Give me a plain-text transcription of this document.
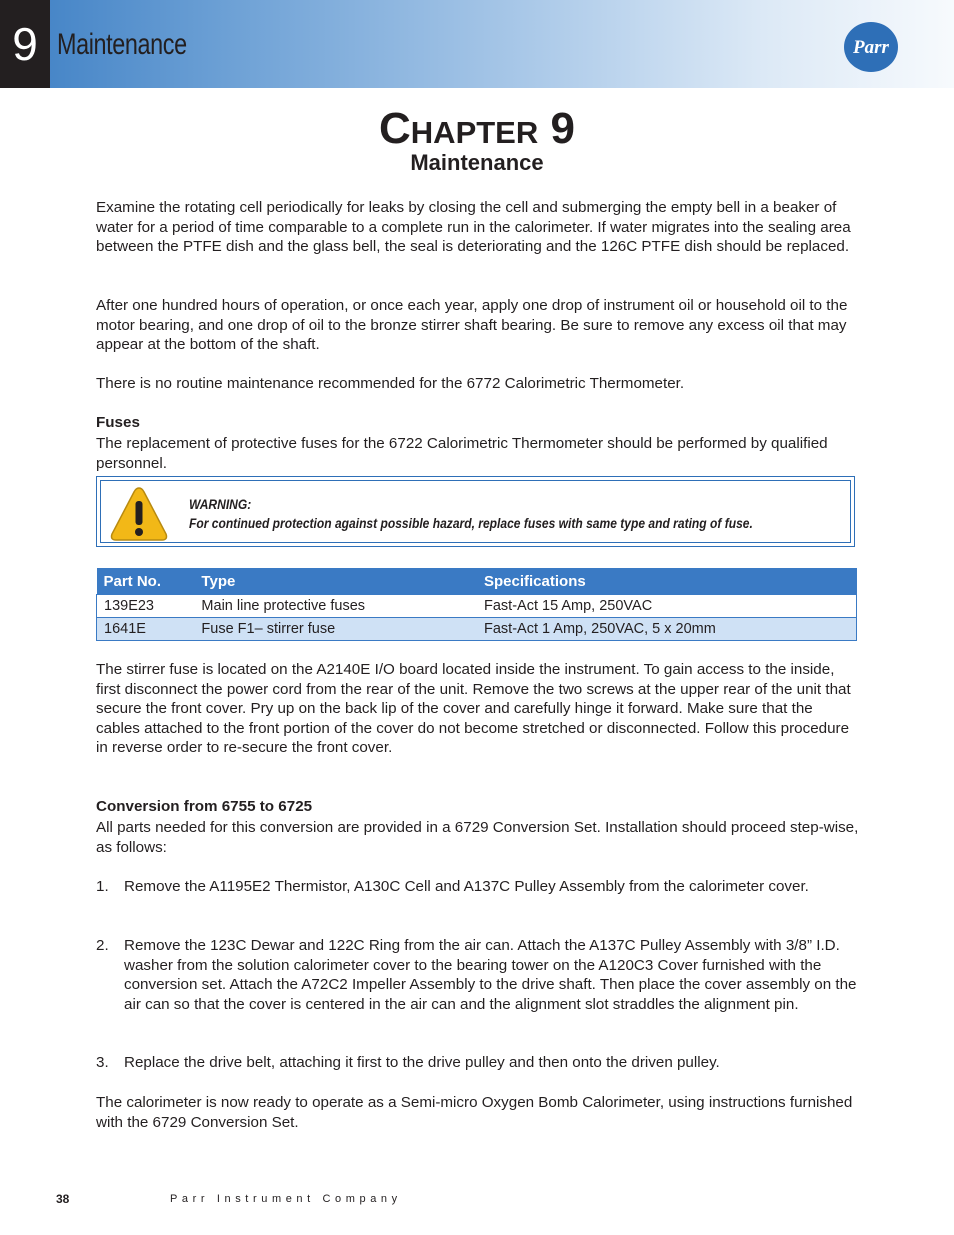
9 Maintenance	Parr
CHAPTER 9
Maintenance

Examine the rotating cell periodically for leaks by closing the cell and submerging the empty bell in a beaker of water for a period of time comparable to a complete run in the calorimeter. If water migrates into the sealing area between the PTFE dish and the glass bell, the seal is deteriorating and the 126C PTFE dish should be replaced.

After one hundred hours of operation, or once each year, apply one drop of instrument oil or household oil to the motor bearing, and one drop of oil to the bronze stirrer shaft bearing. Be sure to remove any excess oil that may appear at the bottom of the shaft.

There is no routine maintenance recommended for the 6772 Calorimetric Thermometer.

Fuses

The replacement of protective fuses for the 6722 Calorimetric Thermometer should be performed by qualified personnel.

WARNING:
For continued protection against possible hazard, replace fuses with same type and rating of fuse.
Part No.	Type	Specifications
139E23	Main line protective fuses	Fast-Act 15 Amp, 250VAC
1641E	Fuse F1– stirrer fuse	Fast-Act 1 Amp, 250VAC, 5 x 20mm

The stirrer fuse is located on the A2140E I/O board located inside the instrument. To gain access to the inside, first disconnect the power cord from the rear of the unit. Remove the two screws at the upper rear of the unit that secure the front cover. Pry up on the back lip of the cover and carefully hinge it forward. Make sure that the cables attached to the front portion of the cover do not become stretched or disconnected. Follow this procedure in reverse order to re-secure the front cover.

Conversion from 6755 to 6725

All parts needed for this conversion are provided in a 6729 Conversion Set. Installation should proceed step-wise, as follows:

1. Remove the A1195E2 Thermistor, A130C Cell and A137C Pulley Assembly from the calorimeter cover.
2. Remove the 123C Dewar and 122C Ring from the air can. Attach the A137C Pulley Assembly with 3/8” I.D. washer from the solution calorimeter cover to the bearing tower on the A120C3 Cover furnished with the conversion set. Attach the A72C2 Impeller Assembly to the drive shaft. Then place the cover assembly on the air can so that the cover is centered in the air can and the alignment slot straddles the alignment pin.
3. Replace the drive belt, attaching it first to the drive pulley and then onto the driven pulley.

The calorimeter is now ready to operate as a Semi-micro Oxygen Bomb Calorimeter, using instructions furnished with the 6729 Conversion Set.

38	Parr Instrument Company
